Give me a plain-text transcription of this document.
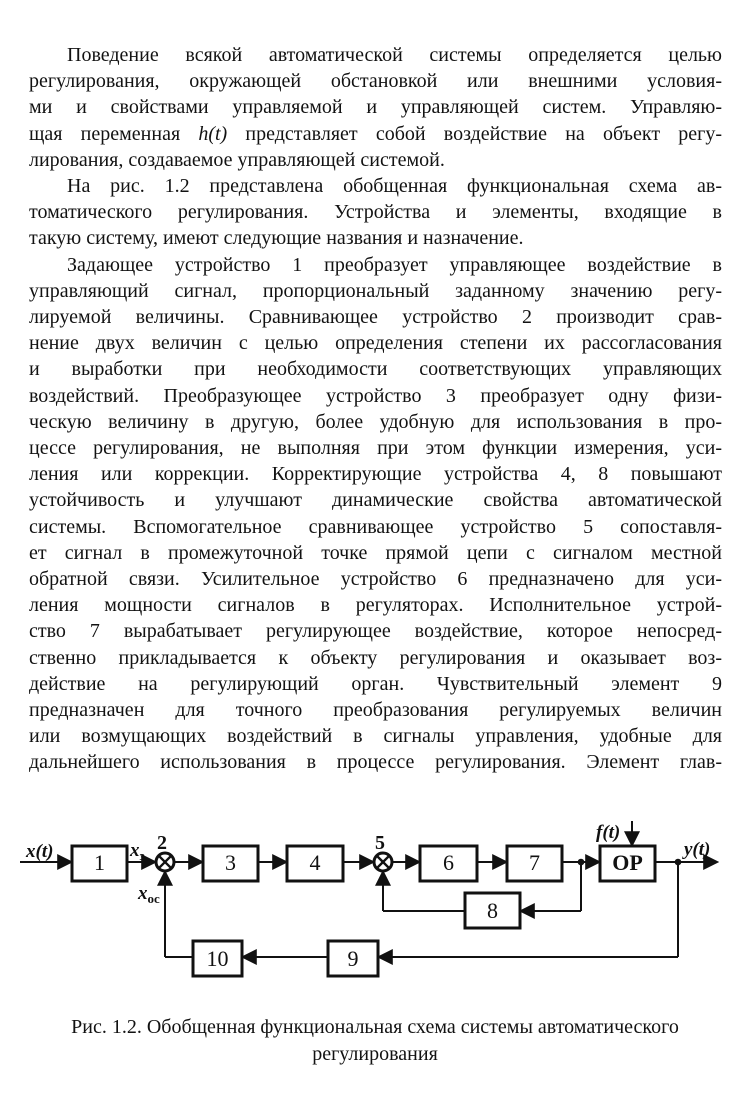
Поведение всякой автоматической системы определяется целью
регулирования, окружающей обстановкой или внешними условия-
ми и свойствами управляемой и управляющей систем. Управляю-
щая переменная h(t) представляет собой воздействие на объект регу-
лирования, создаваемое управляющей системой.
На рис. 1.2 представлена обобщенная функциональная схема ав-
томатического регулирования. Устройства и элементы, входящие в
такую систему, имеют следующие названия и назначение.
Задающее устройство 1 преобразует управляющее воздействие в
управляющий сигнал, пропорциональный заданному значению регу-
лируемой величины. Сравнивающее устройство 2 производит срав-
нение двух величин с целью определения степени их рассогласования
и выработки при необходимости соответствующих управляющих
воздействий. Преобразующее устройство 3 преобразует одну физи-
ческую величину в другую, более удобную для использования в про-
цессе регулирования, не выполняя при этом функции измерения, уси-
ления или коррекции. Корректирующие устройства 4, 8 повышают
устойчивость и улучшают динамические свойства автоматической
системы. Вспомогательное сравнивающее устройство 5 сопоставля-
ет сигнал в промежуточной точке прямой цепи с сигналом местной
обратной связи. Усилительное устройство 6 предназначено для уси-
ления мощности сигналов в регуляторах. Исполнительное устрой-
ство 7 вырабатывает регулирующее воздействие, которое непосред-
ственно прикладывается к объекту регулирования и оказывает воз-
действие на регулирующий орган. Чувствительный элемент 9
предназначен для точного преобразования регулируемых величин
или возмущающих воздействий в сигналы управления, удобные для
дальнейшего использования в процессе регулирования. Элемент глав-
1	3	4	6	7	ОР
8
9
10
2	5
x(t)	$x_з$
$x_{ос}$
f(t)
y(t)
Рис. 1.2. Обобщенная функциональная схема системы автоматического
регулирования
